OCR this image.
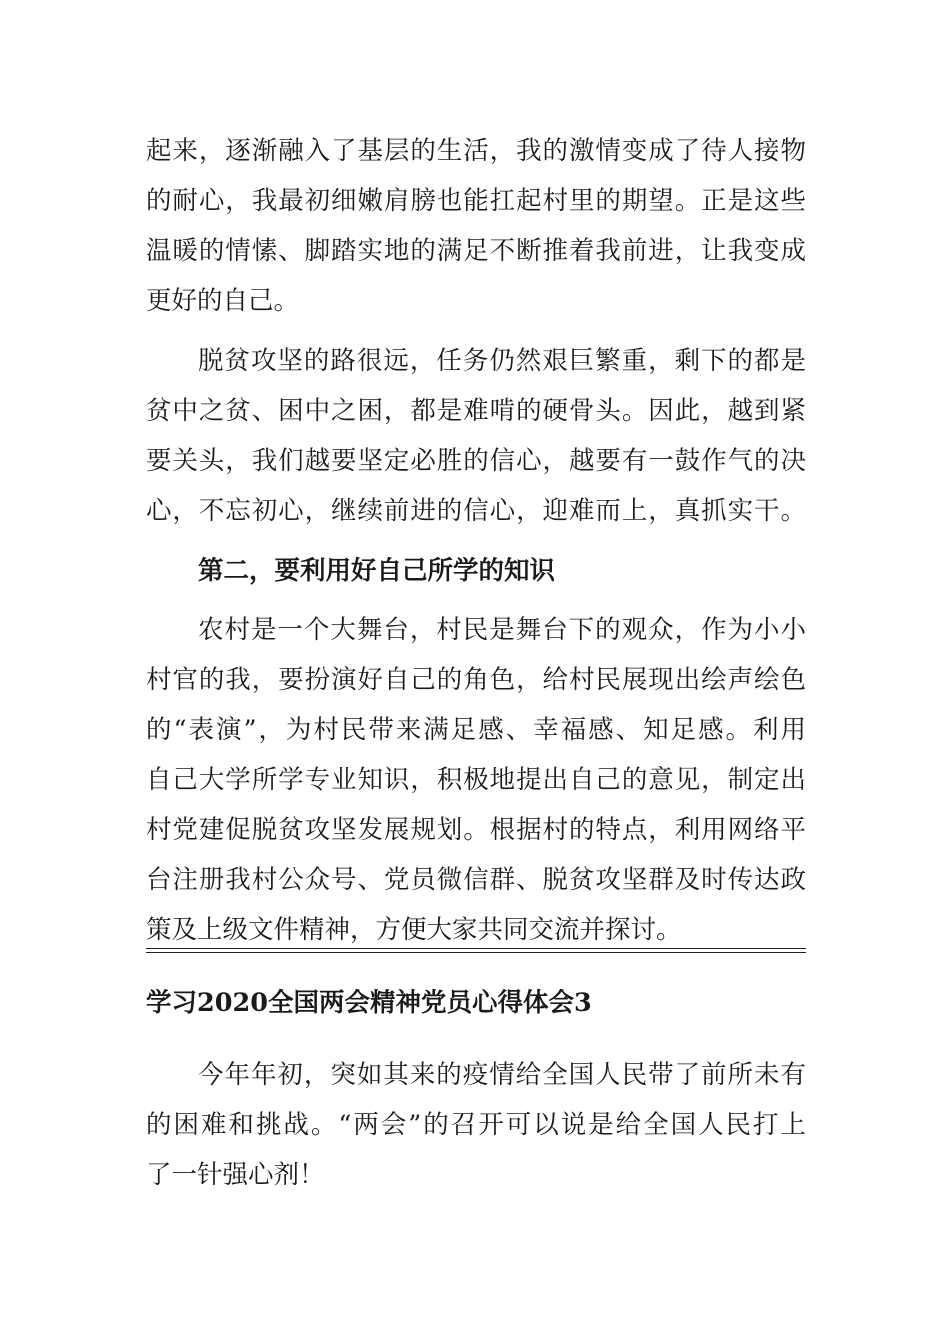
起来，逐渐融入了基层的生活，我的激情变成了待人接物
的耐心，我最初细嫩肩膀也能扛起村里的期望。正是这些
温暖的情愫、脚踏实地的满足不断推着我前进，让我变成
更好的自己。
脱贫攻坚的路很远，任务仍然艰巨繁重，剩下的都是
贫中之贫、困中之困，都是难啃的硬骨头。因此，越到紧
要关头，我们越要坚定必胜的信心，越要有一鼓作气的决
心，不忘初心，继续前进的信心，迎难而上，真抓实干。
第二，要利用好自己所学的知识
农村是一个大舞台，村民是舞台下的观众，作为小小
村官的我，要扮演好自己的角色，给村民展现出绘声绘色
的“表演”，为村民带来满足感、幸福感、知足感。利用
自己大学所学专业知识，积极地提出自己的意见，制定出
村党建促脱贫攻坚发展规划。根据村的特点，利用网络平
台注册我村公众号、党员微信群、脱贫攻坚群及时传达政
策及上级文件精神，方便大家共同交流并探讨。
学习2020全国两会精神党员心得体会3
今年年初，突如其来的疫情给全国人民带了前所未有
的困难和挑战。“两会”的召开可以说是给全国人民打上
了一针强心剂！
